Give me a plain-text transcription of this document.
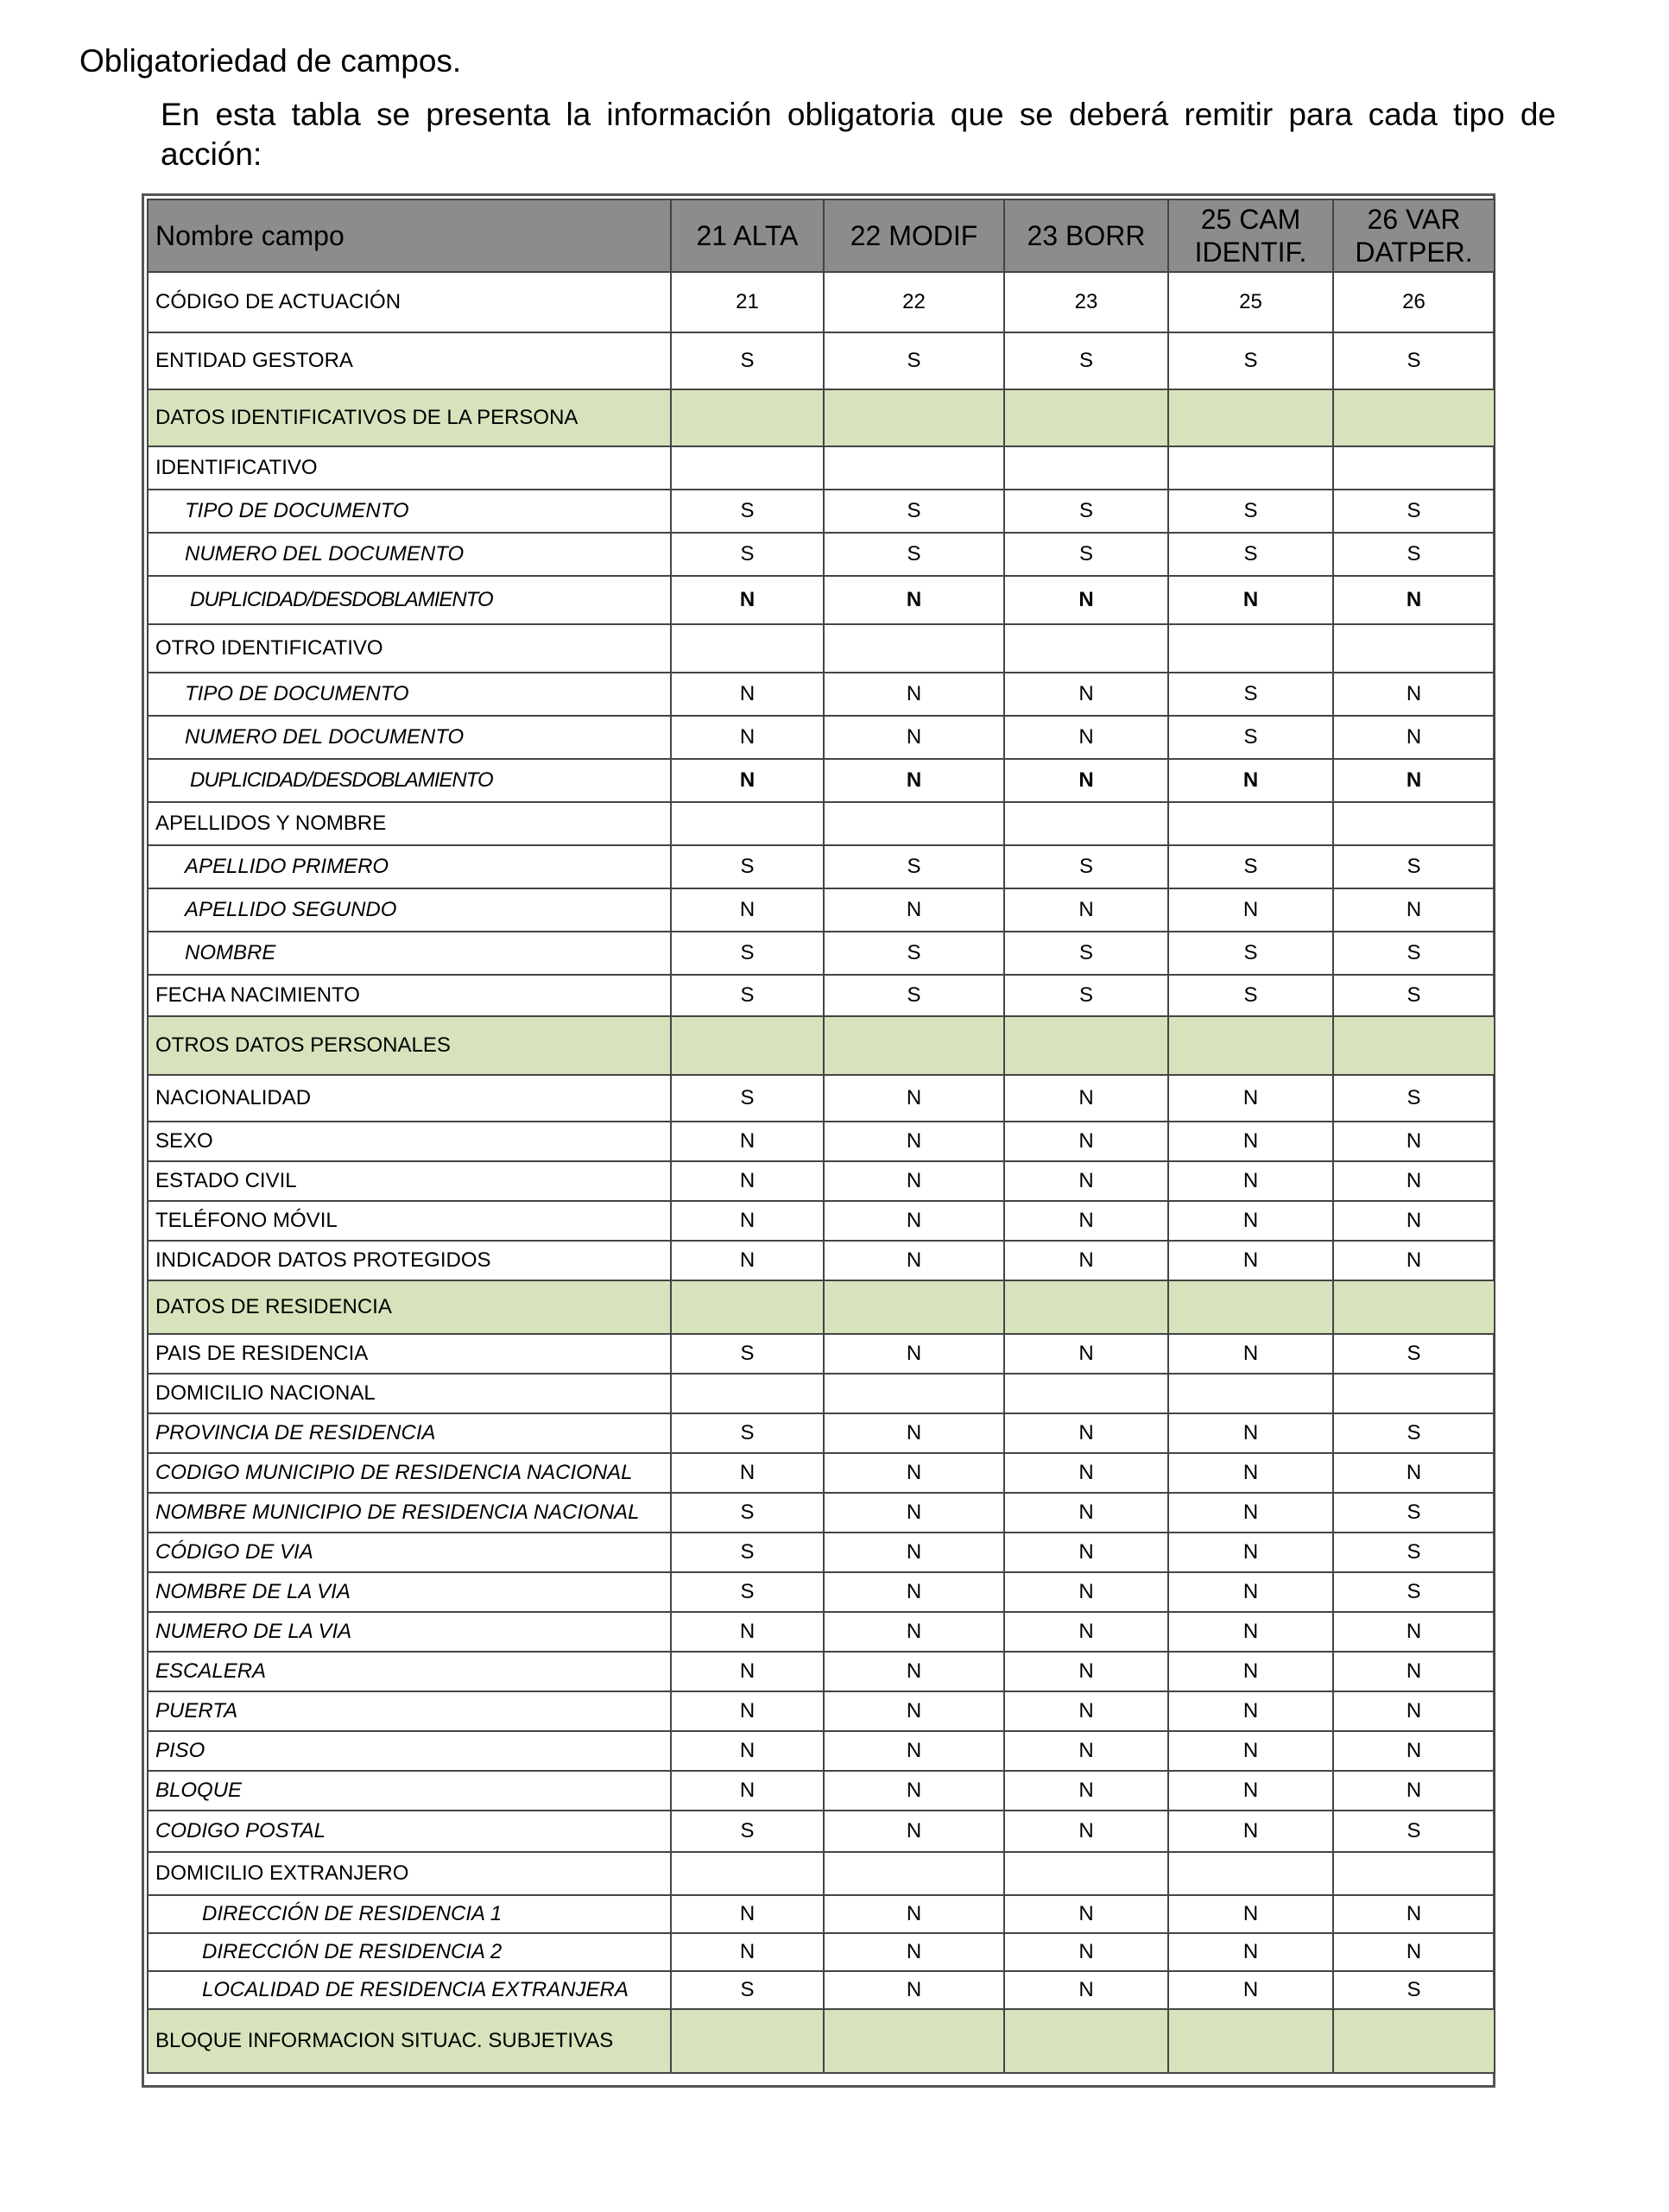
Obligatoriedad de campos.
En esta tabla se presenta la información obligatoria que se deberá remitir para cada tipo de acción:
Nombre campo	21 ALTA	22 MODIF	23 BORR	25 CAM IDENTIF.	26 VAR DATPER.
CÓDIGO DE ACTUACIÓN	21	22	23	25	26
ENTIDAD GESTORA	S	S	S	S	S
DATOS IDENTIFICATIVOS DE LA PERSONA					
IDENTIFICATIVO					
TIPO DE DOCUMENTO	S	S	S	S	S
NUMERO DEL DOCUMENTO	S	S	S	S	S
DUPLICIDAD/DESDOBLAMIENTO	N	N	N	N	N
OTRO IDENTIFICATIVO					
TIPO DE DOCUMENTO	N	N	N	S	N
NUMERO DEL DOCUMENTO	N	N	N	S	N
DUPLICIDAD/DESDOBLAMIENTO	N	N	N	N	N
APELLIDOS Y NOMBRE					
APELLIDO PRIMERO	S	S	S	S	S
APELLIDO SEGUNDO	N	N	N	N	N
NOMBRE	S	S	S	S	S
FECHA NACIMIENTO	S	S	S	S	S
OTROS DATOS PERSONALES					
NACIONALIDAD	S	N	N	N	S
SEXO	N	N	N	N	N
ESTADO CIVIL	N	N	N	N	N
TELÉFONO MÓVIL	N	N	N	N	N
INDICADOR DATOS PROTEGIDOS	N	N	N	N	N
DATOS DE RESIDENCIA					
PAIS DE RESIDENCIA	S	N	N	N	S
DOMICILIO NACIONAL					
PROVINCIA DE RESIDENCIA	S	N	N	N	S
CODIGO MUNICIPIO DE RESIDENCIA NACIONAL	N	N	N	N	N
NOMBRE MUNICIPIO DE RESIDENCIA NACIONAL	S	N	N	N	S
CÓDIGO DE VIA	S	N	N	N	S
NOMBRE DE LA VIA	S	N	N	N	S
NUMERO DE LA VIA	N	N	N	N	N
ESCALERA	N	N	N	N	N
PUERTA	N	N	N	N	N
PISO	N	N	N	N	N
BLOQUE	N	N	N	N	N
CODIGO POSTAL	S	N	N	N	S
DOMICILIO EXTRANJERO					
DIRECCIÓN DE RESIDENCIA 1	N	N	N	N	N
DIRECCIÓN DE RESIDENCIA 2	N	N	N	N	N
LOCALIDAD DE RESIDENCIA EXTRANJERA	S	N	N	N	S
BLOQUE INFORMACION SITUAC. SUBJETIVAS					
